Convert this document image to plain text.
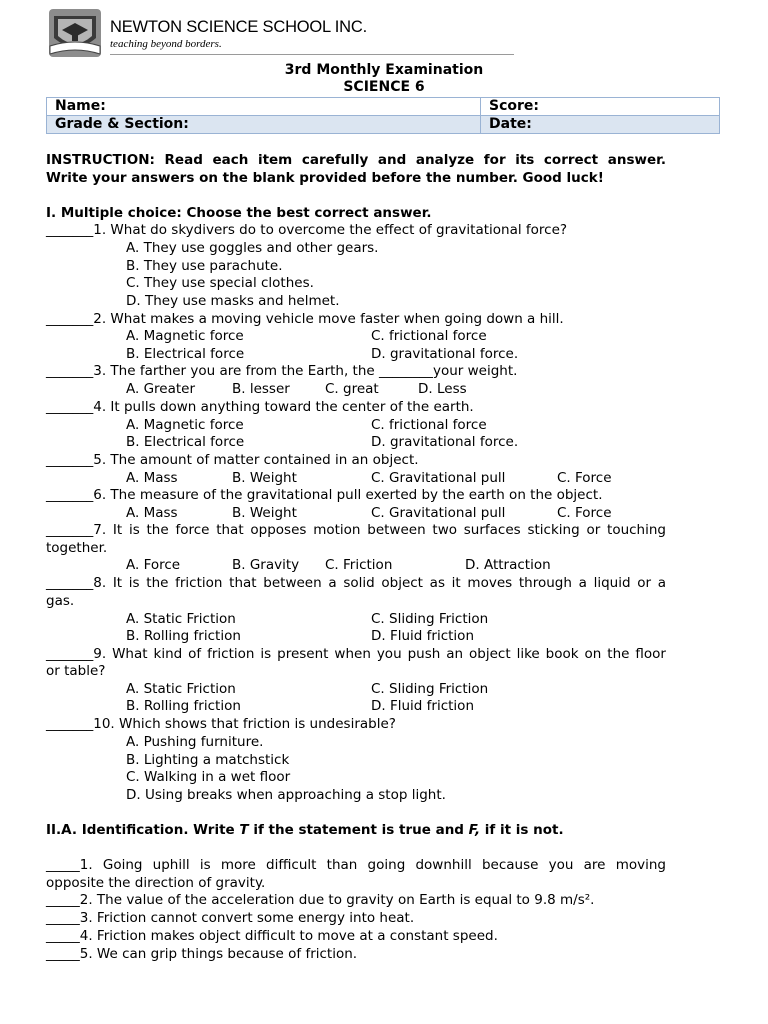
NEWTON SCIENCE SCHOOL INC.
teaching beyond borders.
3rd Monthly Examination
SCIENCE 6
Name:	Score:
Grade & Section:	Date:
INSTRUCTION: Read each item carefully and analyze for its correct answer.
Write your answers on the blank provided before the number. Good luck!
I. Multiple choice: Choose the best correct answer.
_______1. What do skydivers do to overcome the effect of gravitational force?
A. They use goggles and other gears.
B. They use parachute.
C. They use special clothes.
D. They use masks and helmet.
_______2. What makes a moving vehicle move faster when going down a hill.
A. Magnetic force	C. frictional force
B. Electrical force	D. gravitational force.
_______3. The farther you are from the Earth, the ________your weight.
A. Greater	B. lesser	C. great	D. Less
_______4. It pulls down anything toward the center of the earth.
A. Magnetic force	C. frictional force
B. Electrical force	D. gravitational force.
_______5. The amount of matter contained in an object.
A. Mass	B. Weight	C. Gravitational pull	C. Force
_______6. The measure of the gravitational pull exerted by the earth on the object.
A. Mass	B. Weight	C. Gravitational pull	C. Force
_______7. It is the force that opposes motion between two surfaces sticking or touching
together.
A. Force	B. Gravity C. Friction	D. Attraction
_______8. It is the friction that between a solid object as it moves through a liquid or a
gas.
A. Static Friction	C. Sliding Friction
B. Rolling friction	D. Fluid friction
_______9. What kind of friction is present when you push an object like book on the floor
or table?
A. Static Friction	C. Sliding Friction
B. Rolling friction	D. Fluid friction
_______10. Which shows that friction is undesirable?
A. Pushing furniture.
B. Lighting a matchstick
C. Walking in a wet floor
D. Using breaks when approaching a stop light.
II.A. Identification. Write T if the statement is true and F, if it is not.
_____1. Going uphill is more difficult than going downhill because you are moving
opposite the direction of gravity.
_____2. The value of the acceleration due to gravity on Earth is equal to 9.8 m/s².
_____3. Friction cannot convert some energy into heat.
_____4. Friction makes object difficult to move at a constant speed.
_____5. We can grip things because of friction.
